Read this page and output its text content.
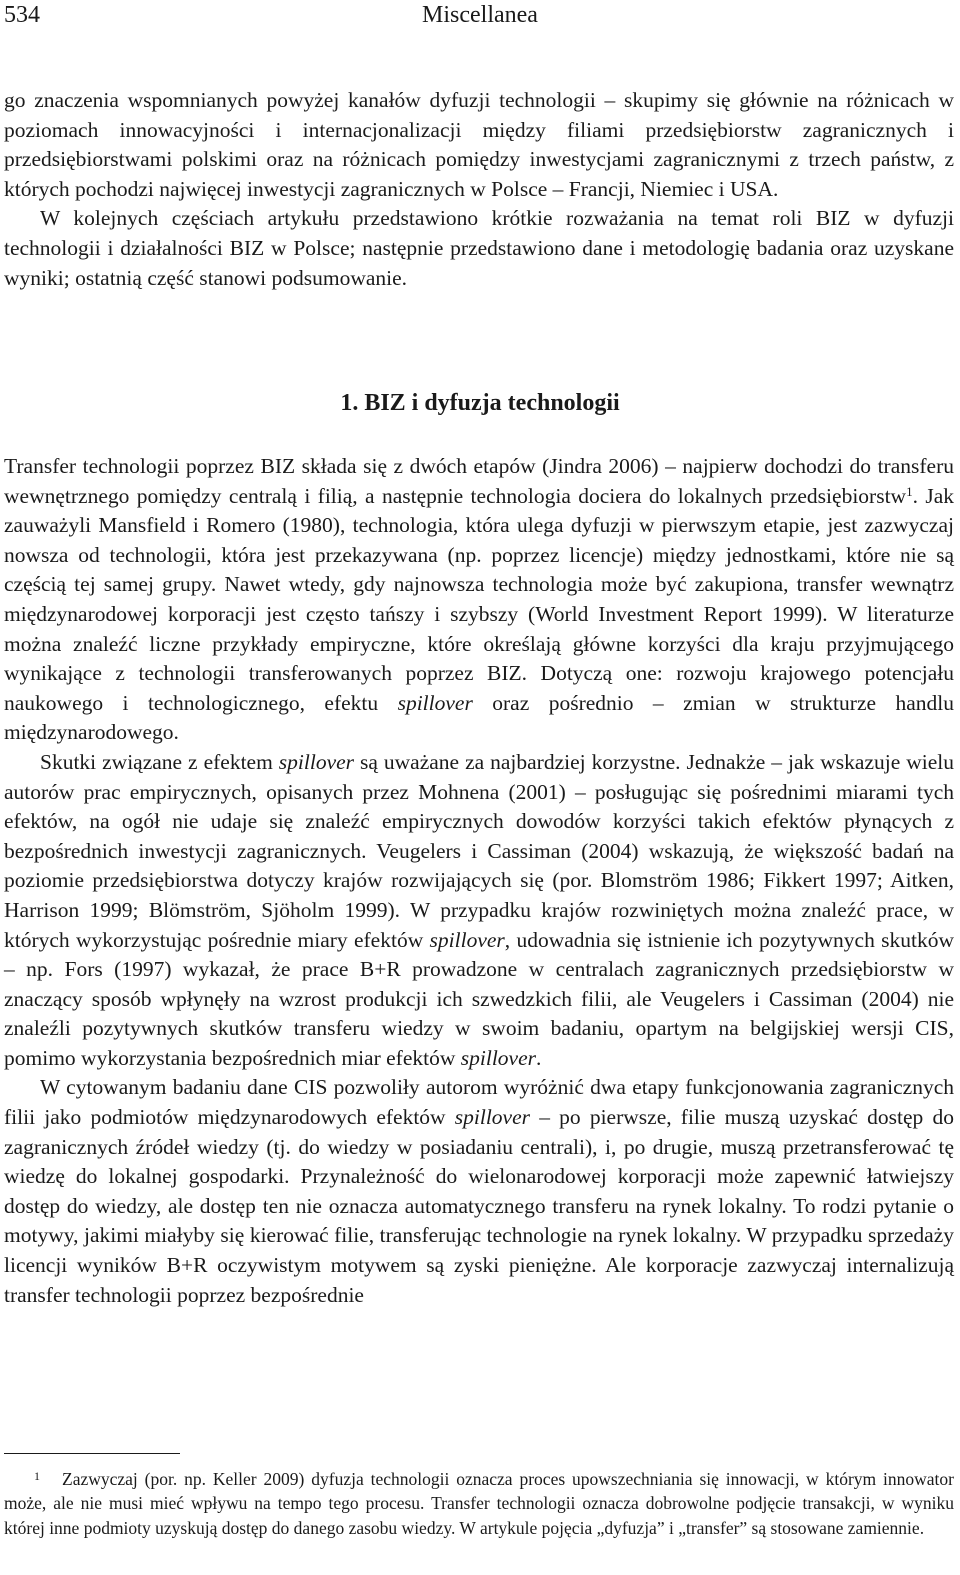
534	Miscellanea

go znaczenia wspomnianych powyżej kanałów dyfuzji technologii – skupimy się głównie na różnicach w poziomach innowacyjności i internacjonalizacji między filiami przedsiębiorstw zagranicznych i przedsiębiorstwami polskimi oraz na różnicach pomiędzy inwestycjami zagranicznymi z trzech państw, z których pochodzi najwięcej inwestycji zagranicznych w Polsce – Francji, Niemiec i USA.

W kolejnych częściach artykułu przedstawiono krótkie rozważania na temat roli BIZ w dyfuzji technologii i działalności BIZ w Polsce; następnie przedstawiono dane i metodologię badania oraz uzyskane wyniki; ostatnią część stanowi podsumowanie.

1. BIZ i dyfuzja technologii

Transfer technologii poprzez BIZ składa się z dwóch etapów (Jindra 2006) – najpierw dochodzi do transferu wewnętrznego pomiędzy centralą i filią, a następnie technologia dociera do lokalnych przedsiębiorstw$^1$. Jak zauważyli Mansfield i Romero (1980), technologia, która ulega dyfuzji w pierwszym etapie, jest zazwyczaj nowsza od technologii, która jest przekazywana (np. poprzez licencje) między jednostkami, które nie są częścią tej samej grupy. Nawet wtedy, gdy najnowsza technologia może być zakupiona, transfer wewnątrz międzynarodowej korporacji jest często tańszy i szybszy (World Investment Report 1999). W literaturze można znaleźć liczne przykłady empiryczne, które określają główne korzyści dla kraju przyjmującego wynikające z technologii transferowanych poprzez BIZ. Dotyczą one: rozwoju krajowego potencjału naukowego i technologicznego, efektu spillover oraz pośrednio – zmian w strukturze handlu międzynarodowego.

Skutki związane z efektem spillover są uważane za najbardziej korzystne. Jednakże – jak wskazuje wielu autorów prac empirycznych, opisanych przez Mohnena (2001) – posługując się pośrednimi miarami tych efektów, na ogół nie udaje się znaleźć empirycznych dowodów korzyści takich efektów płynących z bezpośrednich inwestycji zagranicznych. Veugelers i Cassiman (2004) wskazują, że większość badań na poziomie przedsiębiorstwa dotyczy krajów rozwijających się (por. Blomström 1986; Fikkert 1997; Aitken, Harrison 1999; Blömström, Sjöholm 1999). W przypadku krajów rozwiniętych można znaleźć prace, w których wykorzystując pośrednie miary efektów spillover, udowadnia się istnienie ich pozytywnych skutków – np. Fors (1997) wykazał, że prace B+R prowadzone w centralach zagranicznych przedsiębiorstw w znaczący sposób wpłynęły na wzrost produkcji ich szwedzkich filii, ale Veugelers i Cassiman (2004) nie znaleźli pozytywnych skutków transferu wiedzy w swoim badaniu, opartym na belgijskiej wersji CIS, pomimo wykorzystania bezpośrednich miar efektów spillover.

W cytowanym badaniu dane CIS pozwoliły autorom wyróżnić dwa etapy funkcjonowania zagranicznych filii jako podmiotów międzynarodowych efektów spillover – po pierwsze, filie muszą uzyskać dostęp do zagranicznych źródeł wiedzy (tj. do wiedzy w posiadaniu centrali), i, po drugie, muszą przetransferować tę wiedzę do lokalnej gospodarki. Przynależność do wielonarodowej korporacji może zapewnić łatwiejszy dostęp do wiedzy, ale dostęp ten nie oznacza automatycznego transferu na rynek lokalny. To rodzi pytanie o motywy, jakimi miałyby się kierować filie, transferując technologie na rynek lokalny. W przypadku sprzedaży licencji wyników B+R oczywistym motywem są zyski pieniężne. Ale korporacje zazwyczaj internalizują transfer technologii poprzez bezpośrednie

1 Zazwyczaj (por. np. Keller 2009) dyfuzja technologii oznacza proces upowszechniania się innowacji, w którym innowator może, ale nie musi mieć wpływu na tempo tego procesu. Transfer technologii oznacza dobrowolne podjęcie transakcji, w wyniku której inne podmioty uzyskują dostęp do danego zasobu wiedzy. W artykule pojęcia „dyfuzja” i „transfer” są stosowane zamiennie.
